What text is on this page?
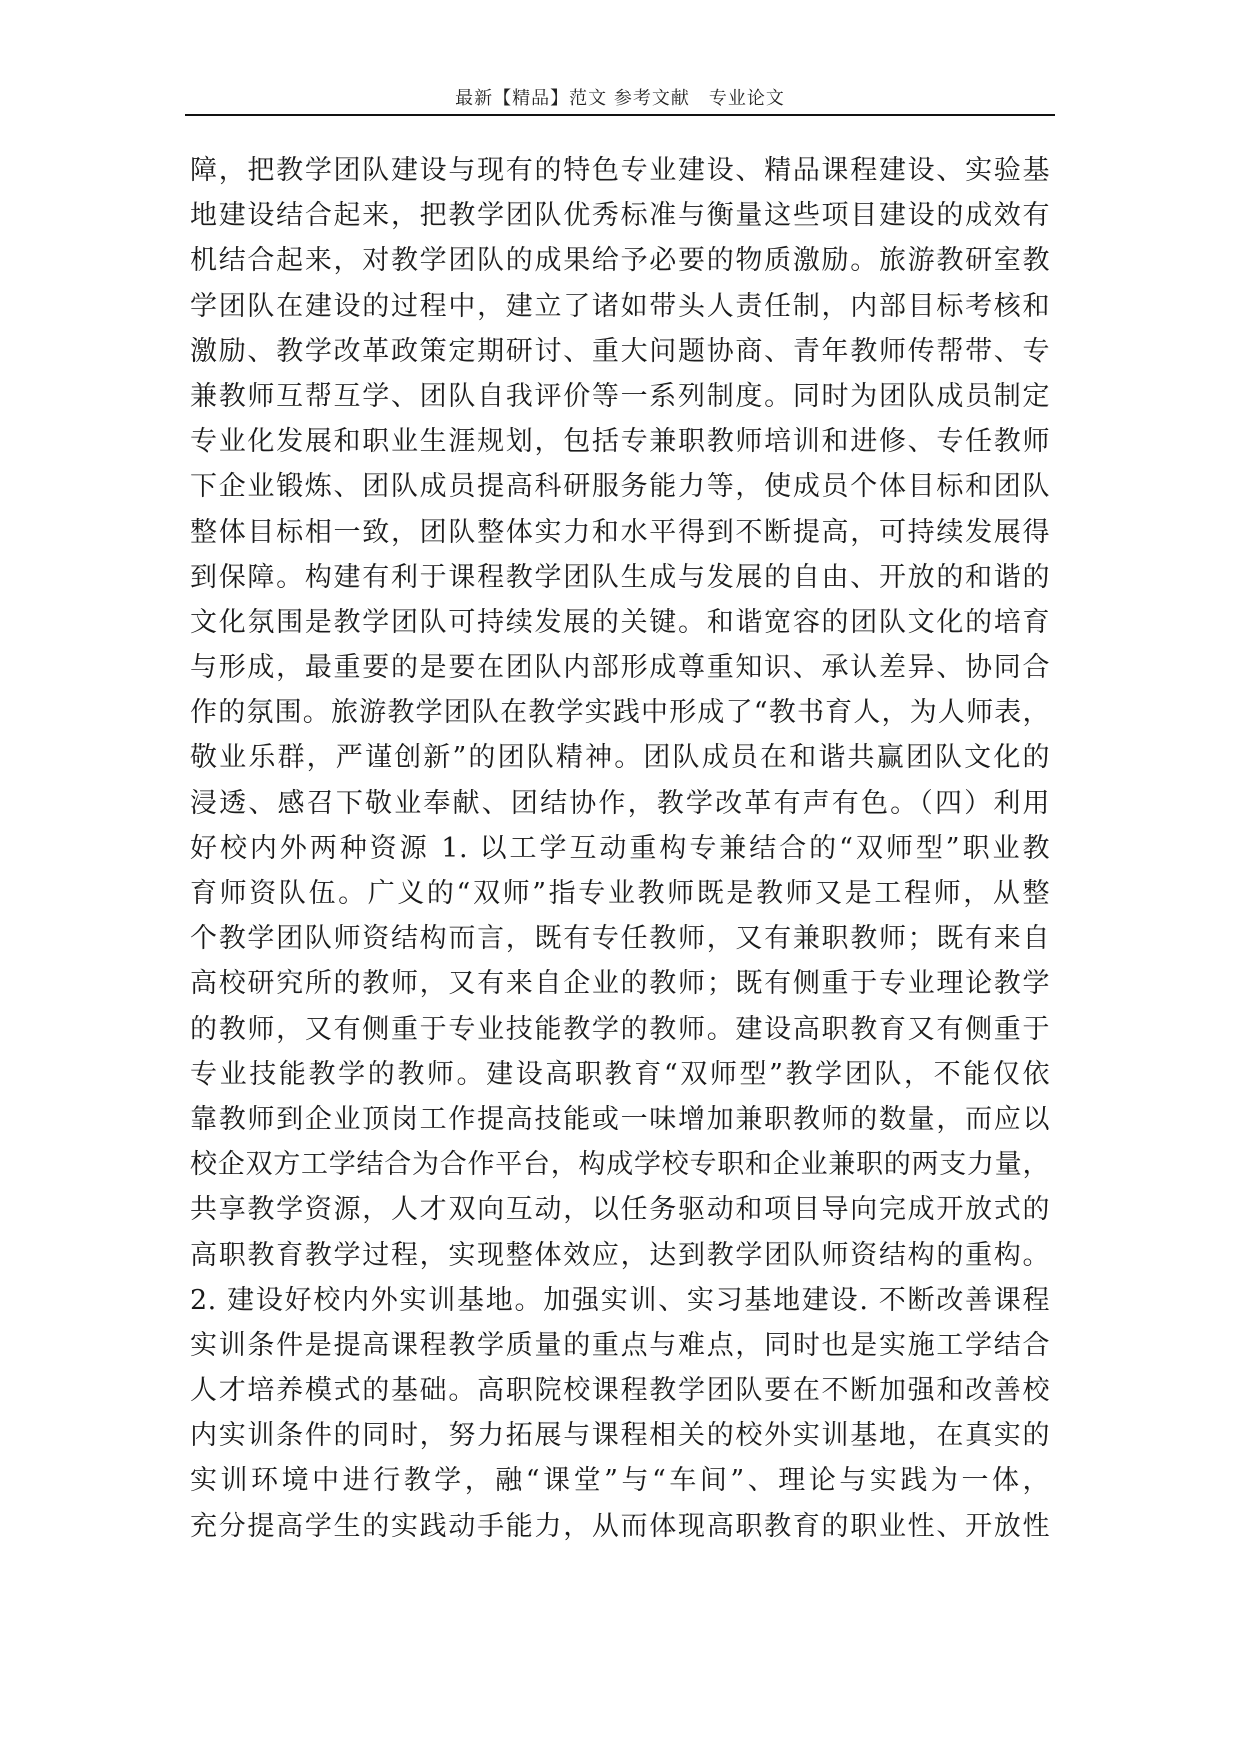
最新【精品】范文 参考文献　专业论文
障，把教学团队建设与现有的特色专业建设、精品课程建设、实验基
地建设结合起来，把教学团队优秀标准与衡量这些项目建设的成效有
机结合起来，对教学团队的成果给予必要的物质激励。旅游教研室教
学团队在建设的过程中，建立了诸如带头人责任制，内部目标考核和
激励、教学改革政策定期研讨、重大问题协商、青年教师传帮带、专
兼教师互帮互学、团队自我评价等一系列制度。同时为团队成员制定
专业化发展和职业生涯规划，包括专兼职教师培训和进修、专任教师
下企业锻炼、团队成员提高科研服务能力等，使成员个体目标和团队
整体目标相一致，团队整体实力和水平得到不断提高，可持续发展得
到保障。构建有利于课程教学团队生成与发展的自由、开放的和谐的
文化氛围是教学团队可持续发展的关键。和谐宽容的团队文化的培育
与形成，最重要的是要在团队内部形成尊重知识、承认差异、协同合
作的氛围。旅游教学团队在教学实践中形成了“教书育人，为人师表，
敬业乐群，严谨创新”的团队精神。团队成员在和谐共赢团队文化的
浸透、感召下敬业奉献、团结协作，教学改革有声有色。（四）利用
好校内外两种资源 1. 以工学互动重构专兼结合的“双师型”职业教
育师资队伍。广义的“双师”指专业教师既是教师又是工程师，从整
个教学团队师资结构而言，既有专任教师，又有兼职教师；既有来自
高校研究所的教师，又有来自企业的教师；既有侧重于专业理论教学
的教师，又有侧重于专业技能教学的教师。建设高职教育又有侧重于
专业技能教学的教师。建设高职教育“双师型”教学团队，不能仅依
靠教师到企业顶岗工作提高技能或一味增加兼职教师的数量，而应以
校企双方工学结合为合作平台，构成学校专职和企业兼职的两支力量，
共享教学资源，人才双向互动，以任务驱动和项目导向完成开放式的
高职教育教学过程，实现整体效应，达到教学团队师资结构的重构。
2. 建设好校内外实训基地。加强实训、实习基地建设. 不断改善课程
实训条件是提高课程教学质量的重点与难点，同时也是实施工学结合
人才培养模式的基础。高职院校课程教学团队要在不断加强和改善校
内实训条件的同时，努力拓展与课程相关的校外实训基地，在真实的
实训环境中进行教学，融“课堂”与“车间”、理论与实践为一体，
充分提高学生的实践动手能力，从而体现高职教育的职业性、开放性
